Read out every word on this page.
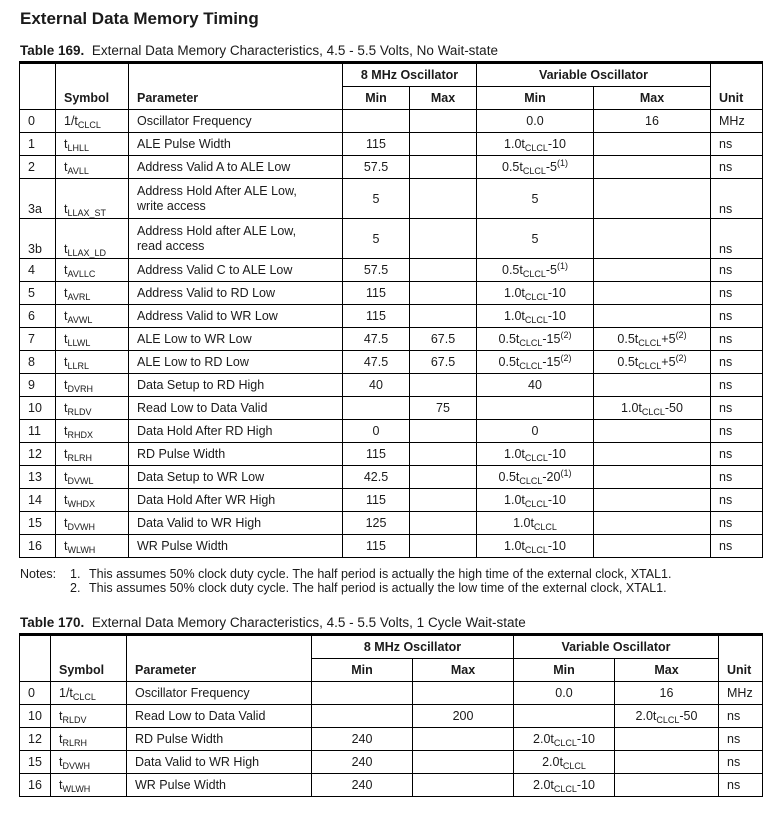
External Data Memory Timing
Table 169. External Data Memory Characteristics, 4.5 - 5.5 Volts, No Wait-state
	Symbol	Parameter	8 MHz Oscillator		Variable Oscillator		Unit
			Min	Max	Min	Max	
0	$1/t_{CLCL}$	Oscillator Frequency			0.0	16	MHz
1	$t_{LHLL}$	ALE Pulse Width	115		$1.0t_{CLCL}-10$		ns
2	$t_{AVLL}$	Address Valid A to ALE Low	57.5		$0.5t_{CLCL}-5^{(1)}$		ns
3a	$t_{LLAX\_ST}$	Address Hold After ALE Low,
write access	5		5		ns
3b	$t_{LLAX\_LD}$	Address Hold after ALE Low,
read access	5		5		ns
4	$t_{AVLLC}$	Address Valid C to ALE Low	57.5		$0.5t_{CLCL}-5^{(1)}$		ns
5	$t_{AVRL}$	Address Valid to RD Low	115		$1.0t_{CLCL}-10$		ns
6	$t_{AVWL}$	Address Valid to WR Low	115		$1.0t_{CLCL}-10$		ns
7	$t_{LLWL}$	ALE Low to WR Low	47.5	67.5	$0.5t_{CLCL}-15^{(2)}$	$0.5t_{CLCL}+5^{(2)}$	ns
8	$t_{LLRL}$	ALE Low to RD Low	47.5	67.5	$0.5t_{CLCL}-15^{(2)}$	$0.5t_{CLCL}+5^{(2)}$	ns
9	$t_{DVRH}$	Data Setup to RD High	40		40		ns
10	$t_{RLDV}$	Read Low to Data Valid		75		$1.0t_{CLCL}-50$	ns
11	$t_{RHDX}$	Data Hold After RD High	0		0		ns
12	$t_{RLRH}$	RD Pulse Width	115		$1.0t_{CLCL}-10$		ns
13	$t_{DVWL}$	Data Setup to WR Low	42.5		$0.5t_{CLCL}-20^{(1)}$		ns
14	$t_{WHDX}$	Data Hold After WR High	115		$1.0t_{CLCL}-10$		ns
15	$t_{DVWH}$	Data Valid to WR High	125		$1.0t_{CLCL}$		ns
16	$t_{WLWH}$	WR Pulse Width	115		$1.0t_{CLCL}-10$		ns
Notes:	1. This assumes 50% clock duty cycle. The half period is actually the high time of the external clock, XTAL1.
2. This assumes 50% clock duty cycle. The half period is actually the low time of the external clock, XTAL1.
Table 170. External Data Memory Characteristics, 4.5 - 5.5 Volts, 1 Cycle Wait-state
	Symbol	Parameter	8 MHz Oscillator		Variable Oscillator		Unit
			Min	Max	Min	Max	
0	$1/t_{CLCL}$	Oscillator Frequency			0.0	16	MHz
10	$t_{RLDV}$	Read Low to Data Valid		200		$2.0t_{CLCL}-50$	ns
12	$t_{RLRH}$	RD Pulse Width	240		$2.0t_{CLCL}-10$		ns
15	$t_{DVWH}$	Data Valid to WR High	240		$2.0t_{CLCL}$		ns
16	$t_{WLWH}$	WR Pulse Width	240		$2.0t_{CLCL}-10$		ns
